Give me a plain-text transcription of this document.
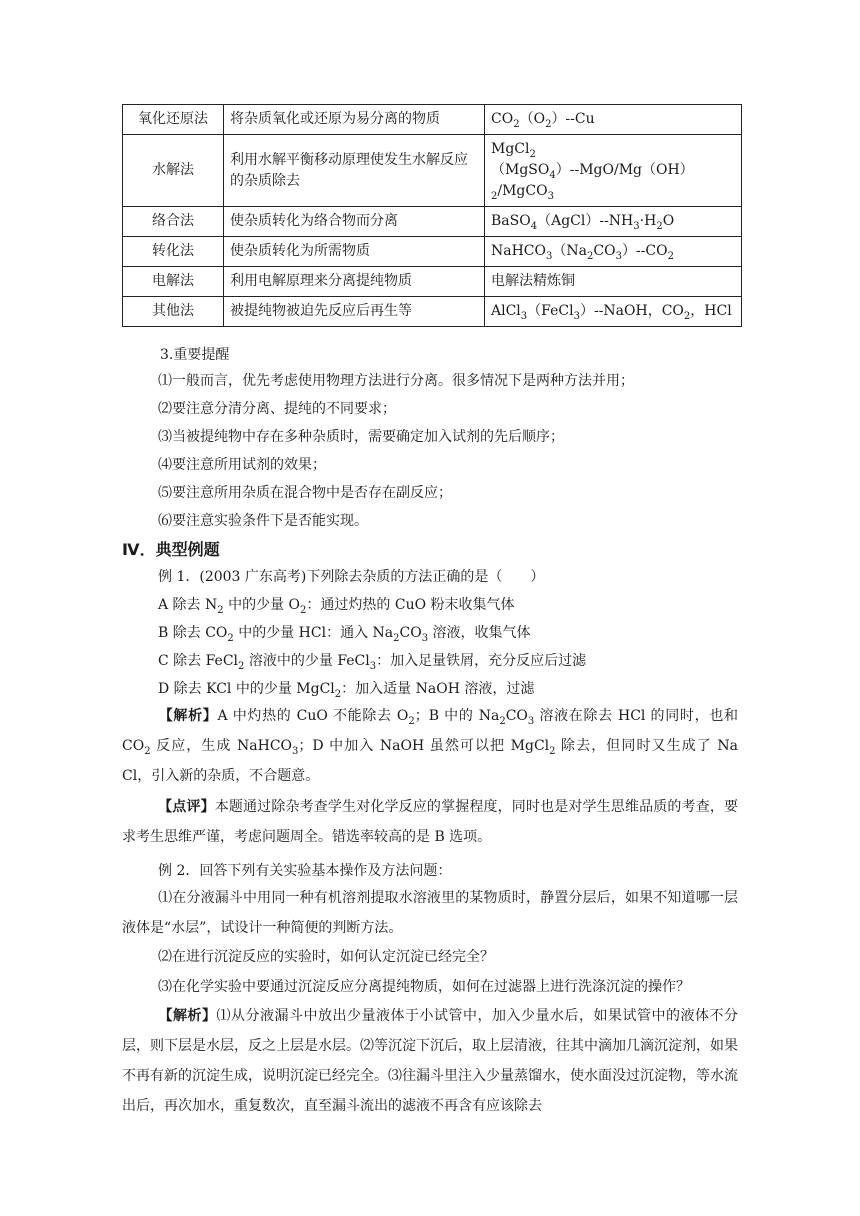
氧化还原法	将杂质氧化或还原为易分离的物质	$CO_2(O_2)--Cu$
水解法	利用水解平衡移动原理使发生水解反应的杂质除去	$MgCl_2(MgSO_4)--MgO/Mg(OH)_2/MgCO_3$
络合法	使杂质转化为络合物而分离	$BaSO_4(AgCl)--NH_3\cdot H_2O$
转化法	使杂质转化为所需物质	$NaHCO_3(Na_2CO_3)--CO_2$
电解法	利用电解原理来分离提纯物质	电解法精炼铜
其他法	被提纯物被迫先反应后再生等	AlCl$_3$（FeCl$_3$）--NaOH，$CO_2$，HCl
3.重要提醒
⑴一般而言，优先考虑使用物理方法进行分离。很多情况下是两种方法并用；
⑵要注意分清分离、提纯的不同要求；
⑶当被提纯物中存在多种杂质时，需要确定加入试剂的先后顺序；
⑷要注意所用试剂的效果；
⑸要注意所用杂质在混合物中是否存在副反应；
⑹要注意实验条件下是否能实现。
Ⅳ．典型例题
例 1．(2003 广东高考)下列除去杂质的方法正确的是（　　）
A 除去 $N_2$ 中的少量 $O_2$：通过灼热的 CuO 粉末收集气体
B 除去 $CO_2$ 中的少量 HCl：通入 $Na_2CO_3$ 溶液，收集气体
C 除去 FeCl$_2$ 溶液中的少量 FeCl$_3$：加入足量铁屑，充分反应后过滤
D 除去 KCl 中的少量 MgCl$_2$：加入适量 NaOH 溶液，过滤
【解析】A 中灼热的 CuO 不能除去 $O_2$；B 中的 $Na_2CO_3$ 溶液在除去 HCl 的同时，也和 $CO_2$ 反应，生成 NaHCO$_3$；D 中加入 NaOH 虽然可以把 MgCl$_2$ 除去，但同时又生成了 Na Cl，引入新的杂质，不合题意。
【点评】本题通过除杂考查学生对化学反应的掌握程度，同时也是对学生思维品质的考查，要求考生思维严谨，考虑问题周全。错选率较高的是 B 选项。
例 2．回答下列有关实验基本操作及方法问题：
⑴在分液漏斗中用同一种有机溶剂提取水溶液里的某物质时，静置分层后，如果不知道哪一层液体是“水层”，试设计一种简便的判断方法。
⑵在进行沉淀反应的实验时，如何认定沉淀已经完全？
⑶在化学实验中要通过沉淀反应分离提纯物质，如何在过滤器上进行洗涤沉淀的操作？
【解析】⑴从分液漏斗中放出少量液体于小试管中，加入少量水后，如果试管中的液体不分层，则下层是水层，反之上层是水层。⑵等沉淀下沉后，取上层清液，往其中滴加几滴沉淀剂，如果不再有新的沉淀生成，说明沉淀已经完全。⑶往漏斗里注入少量蒸馏水，使水面没过沉淀物，等水流出后，再次加水，重复数次，直至漏斗流出的滤液不再含有应该除去
